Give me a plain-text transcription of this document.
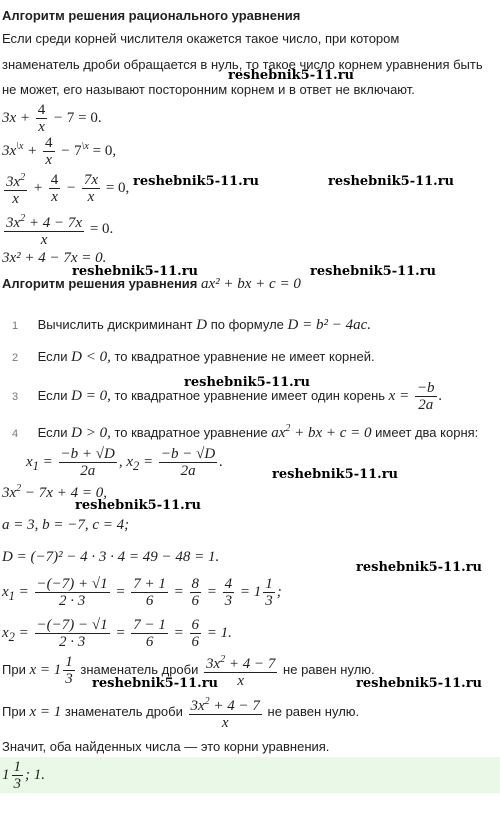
Алгоритм решения рационального уравнения
Если среди корней числителя окажется такое число, при котором
знаменатель дроби обращается в нуль, то такое число корнем уравнения быть
не может, его называют посторонним корнем и в ответ не включают.
reshebnik5-11.ru
reshebnik5-11.ru	reshebnik5-11.ru
reshebnik5-11.ru	reshebnik5-11.ru
reshebnik5-11.ru
reshebnik5-11.ru
reshebnik5-11.ru
reshebnik5-11.ru
reshebnik5-11.ru	reshebnik5-11.ru
$3x + \frac{4}{x} - 7 = 0$.
$3x^{\backslash x} + \frac{4}{x} - 7^{\backslash x} = 0$,
$\frac{3x^2}{x} + \frac{4}{x} - \frac{7x}{x} = 0$,
$\frac{3x^2 + 4 - 7x}{x} = 0$.
3x² + 4 − 7x = 0.
Алгоритм решения уравнения ax² + bx + c = 0
1 Вычислить дискриминант D по формуле D = b² − 4ac.
2 Если D < 0, то квадратное уравнение не имеет корней.
3 Если D = 0, то квадратное уравнение имеет один корень $x = \frac{-b}{2a}$ .
4 Если D > 0, то квадратное уравнение $ax^2$ + bx + c = 0 имеет два корня:
$x_1 = \frac{-b + √D}{2a}$ , $x_2 = \frac{-b - √D}{2a}$ .
$3x^2 - 7x + 4 = 0$,
a = 3, b = −7, c = 4;
D = (−7)² − 4 · 3 · 4 = 49 − 48 = 1.
$x_1 = \frac{-(-7) + √1}{2 \cdot 3} = \frac{7 + 1}{6} = \frac{8}{6} = \frac{4}{3} = 1 \frac{1}{3}$ ;
$x_2 = \frac{-(-7) - √1}{2 \cdot 3} = \frac{7 - 1}{6} = \frac{6}{6} = 1$.
При $x = 1 \frac{1}{3}$ знаменатель дроби $\frac{3x^2 + 4 - 7}{x}$ не равен нулю.
При x = 1 знаменатель дроби $\frac{3x^2 + 4 - 7}{x}$ не равен нулю.
Значит, оба найденных числа — это корни уравнения.
$1 \frac{1}{3}$ ; 1.
